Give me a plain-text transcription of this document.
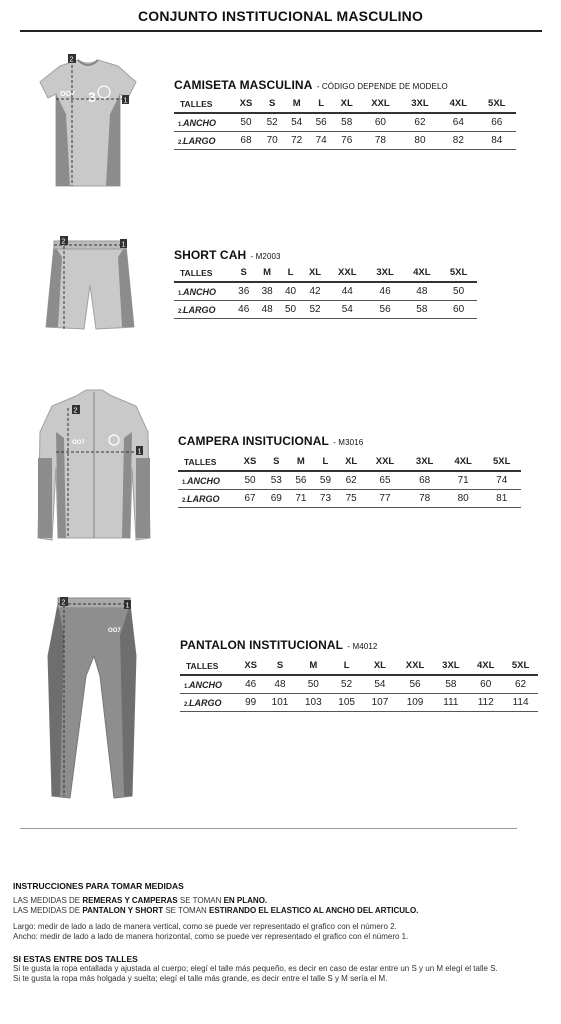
CONJUNTO INSTITUCIONAL MASCULINO
OO7 3
2
1
CAMISETA MASCULINA - CÓDIGO DEPENDE DE MODELO
TALLES	XS	S	M	L	XL	XXL	3XL	4XL	5XL
1.ANCHO	50	52	54	56	58	60	62	64	66
2.LARGO	68	70	72	74	76	78	80	82	84
2	1
SHORT CAH - M2003
TALLES	S	M	L	XL	XXL	3XL	4XL	5XL
1.ANCHO	36	38	40	42	44	46	48	50
2.LARGO	46	48	50	52	54	56	58	60
OO7
2
1
CAMPERA INSITUCIONAL - M3016
TALLES	XS	S	M	L	XL	XXL	3XL	4XL	5XL
1.ANCHO	50	53	56	59	62	65	68	71	74
2.LARGO	67	69	71	73	75	77	78	80	81
OO7
2	1
PANTALON INSTITUCIONAL - M4012
TALLES	XS	S	M	L	XL	XXL	3XL	4XL	5XL
1.ANCHO	46	48	50	52	54	56	58	60	62
2.LARGO	99	101	103	105	107	109	111	112	114
INSTRUCCIONES PARA TOMAR MEDIDAS
LAS MEDIDAS DE REMERAS Y CAMPERAS SE TOMAN EN PLANO.
LAS MEDIDAS DE PANTALON Y SHORT SE TOMAN ESTIRANDO EL ELASTICO AL ANCHO DEL ARTICULO.
Largo: medir de lado a lado de manera vertical, como se puede ver representado el grafico con el número 2.
Ancho: medir de lado a lado de manera horizontal, como se puede ver representado el grafico con el número 1.
SI ESTAS ENTRE DOS TALLES
Si te gusta la ropa entallada y ajustada al cuerpo; elegí el talle más pequeño, es decir en caso de estar entre un S y un M elegí el talle S.
Si te gusta la ropa más holgada y suelta; elegí el talle más grande, es decir entre el talle S y M sería el M.
